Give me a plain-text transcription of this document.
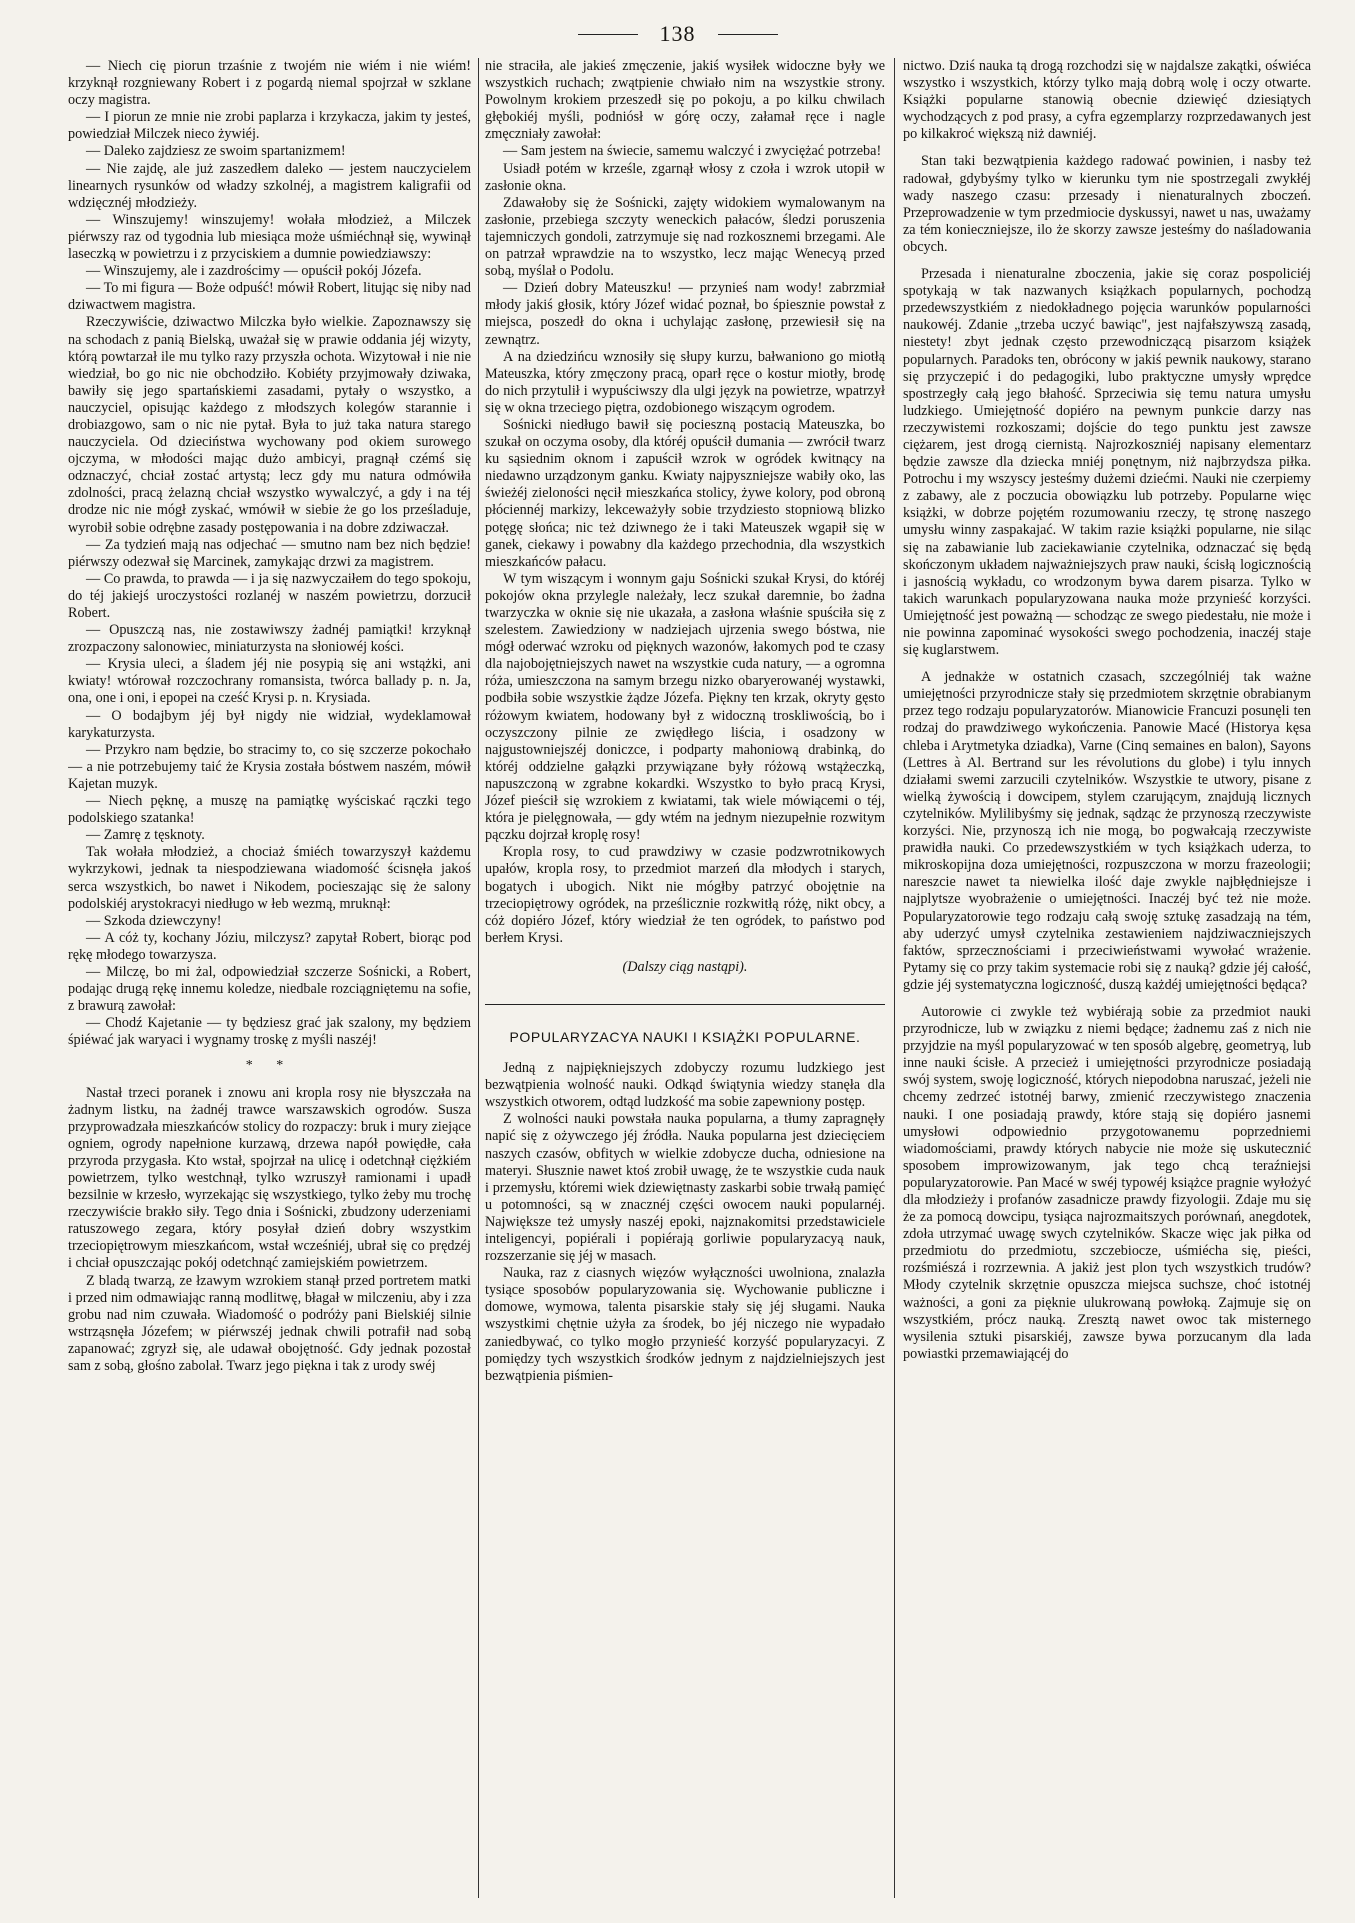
138

— Niech cię piorun trzaśnie z twojém nie wiém i nie wiém! krzyknął rozgniewany Robert i z pogardą niemal spojrzał w szklane oczy magistra.

— I piorun ze mnie nie zrobi paplarza i krzykacza, jakim ty jesteś, powiedział Milczek nieco żywiéj.

— Daleko zajdziesz ze swoim spartanizmem!

— Nie zajdę, ale już zaszedłem daleko — jestem nauczycielem linearnych rysunków od władzy szkolnéj, a magistrem kaligrafii od wdzięcznéj młodzieży.

— Winszujemy! winszujemy! wołała młodzież, a Milczek piérwszy raz od tygodnia lub miesiąca może uśmiéchnął się, wywinął laseczką w powietrzu i z przyciskiem a dumnie powiedziawszy:

— Winszujemy, ale i zazdrościmy — opuścił pokój Józefa.

— To mi figura — Boże odpuść! mówił Robert, litując się niby nad dziwactwem magistra.

Rzeczywiście, dziwactwo Milczka było wielkie. Zapoznawszy się na schodach z panią Bielską, uważał się w prawie oddania jéj wizyty, którą powtarzał ile mu tylko razy przyszła ochota. Wizytował i nie nie wiedział, bo go nic nie obchodziło. Kobiéty przyjmowały dziwaka, bawiły się jego spartańskiemi zasadami, pytały o wszystko, a nauczyciel, opisując każdego z młodszych kolegów starannie i drobiazgowo, sam o nic nie pytał. Była to już taka natura starego nauczyciela. Od dzieciństwa wychowany pod okiem surowego ojczyma, w młodości mając dużo ambicyi, pragnął czémś się odznaczyć, chciał zostać artystą; lecz gdy mu natura odmówiła zdolności, pracą żelazną chciał wszystko wywalczyć, a gdy i na téj drodze nic nie mógł zyskać, wmówił w siebie że go los prześladuje, wyrobił sobie odrębne zasady postępowania i na dobre zdziwaczał.

— Za tydzień mają nas odjechać — smutno nam bez nich będzie! piérwszy odezwał się Marcinek, zamykając drzwi za magistrem.

— Co prawda, to prawda — i ja się nazwyczaiłem do tego spokoju, do téj jakiejś uroczystości rozlanéj w naszém powietrzu, dorzucił Robert.

— Opuszczą nas, nie zostawiwszy żadnéj pamiątki! krzyknął zrozpaczony salonowiec, miniaturzysta na słoniowéj kości.

— Krysia uleci, a śladem jéj nie posypią się ani wstążki, ani kwiaty! wtórował rozczochrany romansista, twórca ballady p. n. Ja, ona, one i oni, i epopei na cześć Krysi p. n. Krysiada.

— O bodajbym jéj był nigdy nie widział, wydeklamował karykaturzysta.

— Przykro nam będzie, bo stracimy to, co się szczerze pokochało — a nie potrzebujemy taić że Krysia została bóstwem naszém, mówił Kajetan muzyk.

— Niech pęknę, a muszę na pamiątkę wyściskać rączki tego podolskiego szatanka!

— Zamrę z tęsknoty.

Tak wołała młodzież, a chociaż śmiéch towarzyszył każdemu wykrzykowi, jednak ta niespodziewana wiadomość ścisnęła jakoś serca wszystkich, bo nawet i Nikodem, pocieszając się że salony podolskiéj arystokracyi niedługo w łeb wezmą, mruknął:

— Szkoda dziewczyny!

— A cóż ty, kochany Józiu, milczysz? zapytał Robert, biorąc pod rękę młodego towarzysza.

— Milczę, bo mi żal, odpowiedział szczerze Sośnicki, a Robert, podając drugą rękę innemu koledze, niedbale rozciągniętemu na sofie, z brawurą zawołał:

— Chodź Kajetanie — ty będziesz grać jak szalony, my będziem śpiéwać jak waryaci i wygnamy troskę z myśli naszéj!

* *

Nastał trzeci poranek i znowu ani kropla rosy nie błyszczała na żadnym listku, na żadnéj trawce warszawskich ogrodów. Susza przyprowadzała mieszkańców stolicy do rozpaczy: bruk i mury ziejące ogniem, ogrody napełnione kurzawą, drzewa napół powiędłe, cała przyroda przygasła. Kto wstał, spojrzał na ulicę i odetchnął ciężkiém powietrzem, tylko westchnął, tylko wzruszył ramionami i upadł bezsilnie w krzesło, wyrzekając się wszystkiego, tylko żeby mu trochę rzeczywiście brakło siły. Tego dnia i Sośnicki, zbudzony uderzeniami ratuszowego zegara, który posyłał dzień dobry wszystkim trzeciopiętrowym mieszkańcom, wstał wcześniéj, ubrał się co prędzéj i chciał opuszczając pokój odetchnąć zamiejskiém powietrzem.

Z bladą twarzą, ze łzawym wzrokiem stanął przed portretem matki i przed nim odmawiając ranną modlitwę, błagał w milczeniu, aby i zza grobu nad nim czuwała. Wiadomość o podróży pani Bielskiéj silnie wstrząsnęła Józefem; w piérwszéj jednak chwili potrafił nad sobą zapanować; zgryzł się, ale udawał obojętność. Gdy jednak pozostał sam z sobą, głośno zabolał. Twarz jego piękna i tak z urody swéj

nie straciła, ale jakieś zmęczenie, jakiś wysiłek widoczne były we wszystkich ruchach; zwątpienie chwiało nim na wszystkie strony. Powolnym krokiem przeszedł się po pokoju, a po kilku chwilach głębokiéj myśli, podniósł w górę oczy, załamał ręce i nagle zmęczniały zawołał:

— Sam jestem na świecie, samemu walczyć i zwyciężać potrzeba!

Usiadł potém w krześle, zgarnął włosy z czoła i wzrok utopił w zasłonie okna.

Zdawałoby się że Sośnicki, zajęty widokiem wymalowanym na zasłonie, przebiega szczyty weneckich pałaców, śledzi poruszenia tajemniczych gondoli, zatrzymuje się nad rozkosznemi brzegami. Ale on patrzał wprawdzie na to wszystko, lecz mając Wenecyą przed sobą, myślał o Podolu.

— Dzień dobry Mateuszku! — przynieś nam wody! zabrzmiał młody jakiś głosik, który Józef widać poznał, bo śpiesznie powstał z miejsca, poszedł do okna i uchylając zasłonę, przewiesił się na zewnątrz.

A na dziedzińcu wznosiły się słupy kurzu, bałwaniono go miotłą Mateuszka, który zmęczony pracą, oparł ręce o kostur miotły, brodę do nich przytulił i wypuściwszy dla ulgi język na powietrze, wpatrzył się w okna trzeciego piętra, ozdobionego wiszącym ogrodem.

Sośnicki niedługo bawił się pocieszną postacią Mateuszka, bo szukał on oczyma osoby, dla któréj opuścił dumania — zwrócił twarz ku sąsiednim oknom i zapuścił wzrok w ogródek kwitnący na niedawno urządzonym ganku. Kwiaty najpyszniejsze wabiły oko, las świeżéj zieloności nęcił mieszkańca stolicy, żywe kolory, pod obroną płóciennéj markizy, lekceważyły sobie trzydziesto stopniową blizko potęgę słońca; nic też dziwnego że i taki Mateuszek wgapił się w ganek, ciekawy i powabny dla każdego przechodnia, dla wszystkich mieszkańców pałacu.

W tym wiszącym i wonnym gaju Sośnicki szukał Krysi, do któréj pokojów okna przylegle należały, lecz szukał daremnie, bo żadna twarzyczka w oknie się nie ukazała, a zasłona właśnie spuściła się z szelestem. Zawiedziony w nadziejach ujrzenia swego bóstwa, nie mógł oderwać wzroku od pięknych wazonów, łakomych pod te czasy dla najobojętniejszych nawet na wszystkie cuda natury, — a ogromna róża, umieszczona na samym brzegu nizko obaryerowanéj wystawki, podbiła sobie wszystkie żądze Józefa. Piękny ten krzak, okryty gęsto różowym kwiatem, hodowany był z widoczną troskliwością, bo i oczyszczony pilnie ze zwiędłego liścia, i osadzony w najgustowniejszéj doniczce, i podparty mahoniową drabinką, do któréj oddzielne gałązki przywiązane były różową wstążeczką, napuszczoną w zgrabne kokardki. Wszystko to było pracą Krysi, Józef pieścił się wzrokiem z kwiatami, tak wiele mówiącemi o téj, która je pielęgnowała, — gdy wtém na jednym niezupełnie rozwitym pączku dojrzał kroplę rosy!

Kropla rosy, to cud prawdziwy w czasie podzwrotnikowych upałów, kropla rosy, to przedmiot marzeń dla młodych i starych, bogatych i ubogich. Nikt nie mógłby patrzyć obojętnie na trzeciopiętrowy ogródek, na prześlicznie rozkwitłą różę, nikt obcy, a cóż dopiéro Józef, który wiedział że ten ogródek, to państwo pod berłem Krysi.

(Dalszy ciąg nastąpi).
POPULARYZACYA NAUKI I KSIĄŻKI POPULARNE.

Jedną z najpiękniejszych zdobyczy rozumu ludzkiego jest bezwątpienia wolność nauki. Odkąd świątynia wiedzy stanęła dla wszystkich otworem, odtąd ludzkość ma sobie zapewniony postęp.

Z wolności nauki powstała nauka popularna, a tłumy zapragnęły napić się z ożywczego jéj źródła. Nauka popularna jest dziecięciem naszych czasów, obfitych w wielkie zdobycze ducha, odniesione na materyi. Słusznie nawet ktoś zrobił uwagę, że te wszystkie cuda nauk i przemysłu, któremi wiek dziewiętnasty zaskarbi sobie trwałą pamięć u potomności, są w znacznéj części owocem nauki popularnéj. Największe też umysły naszéj epoki, najznakomitsi przedstawiciele inteligencyi, popiérali i popiérają gorliwie popularyzacyą nauk, rozszerzanie się jéj w masach.

Nauka, raz z ciasnych więzów wyłączności uwolniona, znalazła tysiące sposobów popularyzowania się. Wychowanie publiczne i domowe, wymowa, talenta pisarskie stały się jéj sługami. Nauka wszystkimi chętnie użyła za środek, bo jéj niczego nie wypadało zaniedbywać, co tylko mogło przynieść korzyść popularyzacyi. Z pomiędzy tych wszystkich środków jednym z najdzielniejszych jest bezwątpienia piśmien-

nictwo. Dziś nauka tą drogą rozchodzi się w najdalsze zakątki, oświéca wszystko i wszystkich, którzy tylko mają dobrą wolę i oczy otwarte. Książki popularne stanowią obecnie dziewięć dziesiątych wychodzących z pod prasy, a cyfra egzemplarzy rozprzedawanych jest po kilkakroć większą niż dawniéj.

Stan taki bezwątpienia każdego radować powinien, i nasby też radował, gdybyśmy tylko w kierunku tym nie spostrzegali zwykłéj wady naszego czasu: przesady i nienaturalnych zboczeń. Przeprowadzenie w tym przedmiocie dyskussyi, nawet u nas, uważamy za tém konieczniejsze, ilo że skorzy zawsze jesteśmy do naśladowania obcych.

Przesada i nienaturalne zboczenia, jakie się coraz pospoliciéj spotykają w tak nazwanych książkach popularnych, pochodzą przedewszystkiém z niedokładnego pojęcia warunków popularności naukowéj. Zdanie „trzeba uczyć bawiąc", jest najfałszywszą zasadą, niestety! zbyt jednak często przewodniczącą pisarzom książek popularnych. Paradoks ten, obrócony w jakiś pewnik naukowy, starano się przyczepić i do pedagogiki, lubo praktyczne umysły wprędce spostrzegły całą jego błahość. Sprzeciwia się temu natura umysłu ludzkiego. Umiejętność dopiéro na pewnym punkcie darzy nas rzeczywistemi rozkoszami; dojście do tego punktu jest zawsze ciężarem, jest drogą ciernistą. Najrozkoszniéj napisany elementarz będzie zawsze dla dziecka mniéj ponętnym, niż najbrzydsza piłka. Potrochu i my wszyscy jesteśmy dużemi dziećmi. Nauki nie czerpiemy z zabawy, ale z poczucia obowiązku lub potrzeby. Popularne więc książki, w dobrze pojętém rozumowaniu rzeczy, tę stronę naszego umysłu winny zaspakajać. W takim razie książki popularne, nie siląc się na zabawianie lub zaciekawianie czytelnika, odznaczać się będą skończonym układem najważniejszych praw nauki, ścisłą logicznością i jasnością wykładu, co wrodzonym bywa darem pisarza. Tylko w takich warunkach popularyzowana nauka może przynieść korzyści. Umiejętność jest poważną — schodząc ze swego piedestału, nie może i nie powinna zapominać wysokości swego pochodzenia, inaczéj staje się kuglarstwem.

A jednakże w ostatnich czasach, szczególniéj tak ważne umiejętności przyrodnicze stały się przedmiotem skrzętnie obrabianym przez tego rodzaju popularyzatorów. Mianowicie Francuzi posunęli ten rodzaj do prawdziwego wykończenia. Panowie Macé (Historya kęsa chleba i Arytmetyka dziadka), Varne (Cinq semaines en balon), Sayons (Lettres à Al. Bertrand sur les révolutions du globe) i tylu innych działami swemi zarzucili czytelników. Wszystkie te utwory, pisane z wielką żywością i dowcipem, stylem czarującym, znajdują licznych czytelników. Mylilibyśmy się jednak, sądząc że przynoszą rzeczywiste korzyści. Nie, przynoszą ich nie mogą, bo pogwałcają rzeczywiste prawidła nauki. Co przedewszystkiém w tych książkach uderza, to mikroskopijna doza umiejętności, rozpuszczona w morzu frazeologii; nareszcie nawet ta niewielka ilość daje zwykle najbłędniejsze i najplytsze wyobrażenie o umiejętności. Inaczéj być też nie może. Popularyzatorowie tego rodzaju całą swoję sztukę zasadzają na tém, aby uderzyć umysł czytelnika zestawieniem najdziwaczniejszych faktów, sprzecznościami i przeciwieństwami wywołać wrażenie. Pytamy się co przy takim systemacie robi się z nauką? gdzie jéj całość, gdzie jéj systematyczna logiczność, duszą każdéj umiejętności będąca?

Autorowie ci zwykle też wybiérają sobie za przedmiot nauki przyrodnicze, lub w związku z niemi będące; żadnemu zaś z nich nie przyjdzie na myśl popularyzować w ten sposób algebrę, geometryą, lub inne nauki ścisłe. A przecież i umiejętności przyrodnicze posiadają swój system, swoję logiczność, których niepodobna naruszać, jeżeli nie chcemy zedrzeć istotnéj barwy, zmienić rzeczywistego znaczenia nauki. I one posiadają prawdy, które stają się dopiéro jasnemi umysłowi odpowiednio przygotowanemu poprzedniemi wiadomościami, prawdy których nabycie nie może się uskutecznić sposobem improwizowanym, jak tego chcą teraźniejsi popularyzatorowie. Pan Macé w swéj typowéj książce pragnie wyłożyć dla młodzieży i profanów zasadnicze prawdy fizyologii. Zdaje mu się że za pomocą dowcipu, tysiąca najrozmaitszych porównań, anegdotek, zdoła utrzymać uwagę swych czytelników. Skacze więc jak piłka od przedmiotu do przedmiotu, szczebiocze, uśmiécha się, pieści, rozśmiészá i rozrzewnia. A jakiż jest plon tych wszystkich trudów? Młody czytelnik skrzętnie opuszcza miejsca suchsze, choć istotnéj ważności, a goni za pięknie ulukrowaną powłoką. Zajmuje się on wszystkiém, prócz nauką. Zresztą nawet owoc tak misternego wysilenia sztuki pisarskiéj, zawsze bywa porzucanym dla lada powiastki przemawiającéj do
